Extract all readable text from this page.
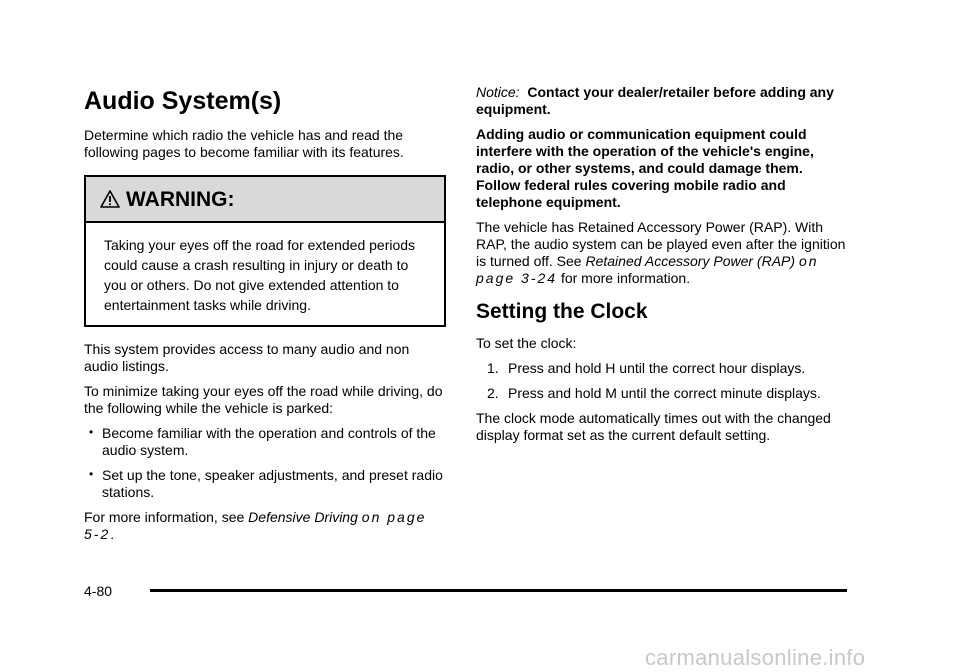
Audio System(s)

Determine which radio the vehicle has and read the following pages to become familiar with its features.

WARNING:
Taking your eyes off the road for extended periods could cause a crash resulting in injury or death to you or others. Do not give extended attention to entertainment tasks while driving.

This system provides access to many audio and non audio listings.

To minimize taking your eyes off the road while driving, do the following while the vehicle is parked:

• Become familiar with the operation and controls of the audio system.
• Set up the tone, speaker adjustments, and preset radio stations.

For more information, see Defensive Driving on page 5-2.

Notice: Contact your dealer/retailer before adding any equipment.

Adding audio or communication equipment could interfere with the operation of the vehicle's engine, radio, or other systems, and could damage them. Follow federal rules covering mobile radio and telephone equipment.

The vehicle has Retained Accessory Power (RAP). With RAP, the audio system can be played even after the ignition is turned off. See Retained Accessory Power (RAP) on page 3-24 for more information.

Setting the Clock

To set the clock:

1. Press and hold H until the correct hour displays.
2. Press and hold M until the correct minute displays.

The clock mode automatically times out with the changed display format set as the current default setting.

4-80
carmanualsonline.info
